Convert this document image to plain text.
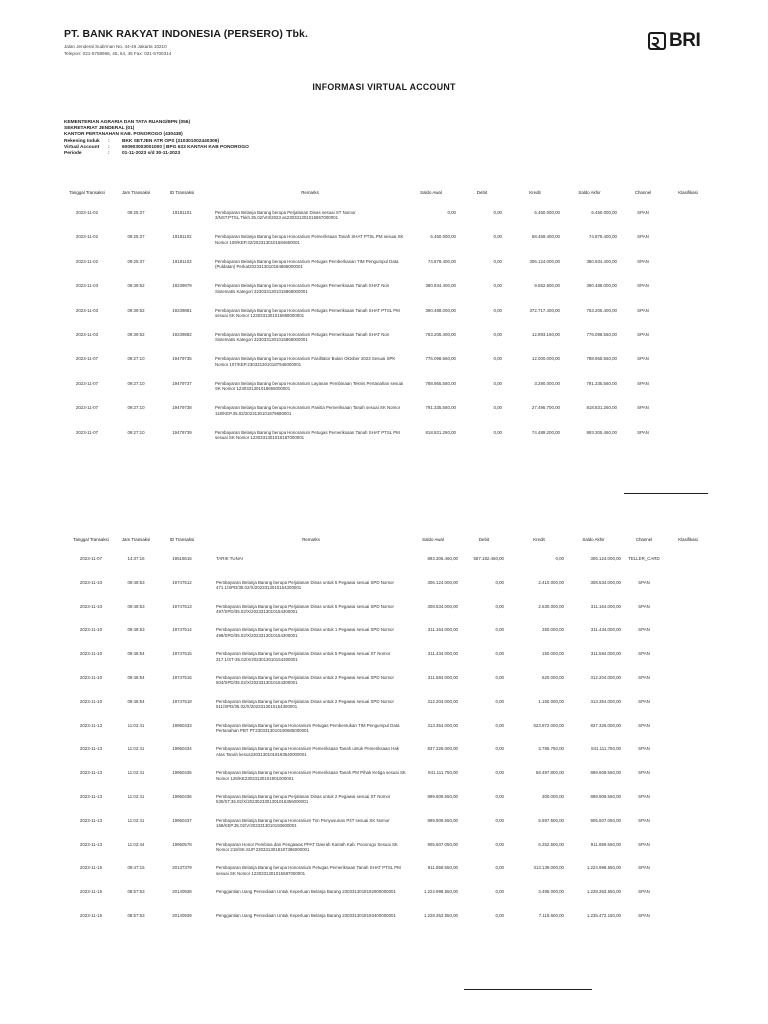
PT. BANK RAKYAT INDONESIA (PERSERO) Tbk.
Jalan Jenderal Sudirman No. 44-46 Jakarta 10210
Telepon: 021-5758966, 45, 64, 45 Fax: 021-5700314
BRI
INFORMASI VIRTUAL ACCOUNT
KEMENTERIAN AGRARIA DAN TATA RUANG/BPN (056)
SEKRETARIAT JENDERAL (01)
KANTOR PERTANAHAN KAB. PONOROGO (430438)
Rekening Induk :	BKK SETJEN ATR OPS (310301002440309)
Virtual Account :	600903003001000 | BPG 633 KANTAH KAB PONOROGO
Periode	:	01-11-2023 s/d 30-11-2023
Tanggal Transaksi	Jam Transaksi	ID Transaksi	Remarks	Saldo Awal	Debit	Kredit	Saldo Akhir	Channel	Klasifikasi
2023-11-02	09:25:37	19181101	Pembayaran Belanja Barang berupa Perjalanan Dinas sesuai ST Nomor 3/NST.PTSL.Tkkh.35.02/VIII/2023 as230331301015867000001
0,00	0,00	6.450.000,00	6.450.000,00	SPAN
2023-11-02	09:25:37	19181102	Pembayaran Belanja Barang berupa Honorarium Pemeriksaan Tanah SHAT PTSL PM sesuai SK Nomor 109/KEP.32/2023130101584660001
6.450.000,00	0,00	68.459.400,00	74.879.400,00	SPAN
2023-11-02	09:25:37	19181103	Pembayaran Belanja Barang berupa Honorarium Petugas Pemberkasan TIM Pengumpul Data (Puldatan) Perkat2023313010184866000001
74.879.400,00	0,00	306.124.000,00	380.934.400,00	SPAN
2023-11-03	09:39:52	19239879	Pembayaran Belanja Barang berupa Honorarium Petugas Pemeriksaan Tanah SHAT Non Sistematis Kategori 3230331301015868000001
380.934.400,00	0,00	9.552.600,00	390.488.000,00	SPAN
2023-11-03	09:39:52	19239881	Pembayaran Belanja Barang berupa Honorarium Petugas Pemeriksaan Tanah SHAT PTSL PM sesuai SK Nomor 1230331301015868000001
390.488.000,00	0,00	372.717.400,00	763.205.400,00	SPAN
2023-11-03	09:39:52	19239882	Pembayaran Belanja Barang berupa Honorarium Petugas Pemeriksaan Tanah SHAT Non Sistematis Kategori 3230331301015868000001
763.205.400,00	0,00	12.893.160,00	776.098.560,00	SPAN
2023-11-07	09:27:10	19479735	Pembayaran Belanja Barang berupa Honorarium Fasilitator Bulan Oktober 2023 Sesuai SPK Nomor 107/KEP.2303313010187946000001
776.098.560,00	0,00	12.000.000,00	788.965.560,00	SPAN
2023-11-07	09:27:10	19479737	Pembayaran Belanja Barang berupa Honorarium Layanan Pembinaan Teknis Pertanahan sesuai SK Nomor 1230331301018655000001
788.965.560,00	0,00	3.290.000,00	791.335.560,00	SPAN
2023-11-07	09:27:10	19479738	Pembayaran Belanja Barang berupa Honorarium Panitia Pemeriksaan Tanah sesuai SK Nomor 118/KEP.35.02/2023130101879680001
791.335.560,00	0,00	27.495.700,00	818.831.260,00	SPAN
2023-11-07	09:27:10	19479739	Pembayaran Belanja Barang berupa Honorarium Petugas Pemeriksaan Tanah SHAT PTSL PM sesuai SK Nomor 1230331301018187000001
818.821.260,00	0,00	74.489.200,00	893.305.460,00	SPAN
Tanggal Transaksi	Jam Transaksi	ID Transaksi	Remarks	Saldo Awal	Debit	Kredit	Saldo Akhir	Channel	Klasifikasi
2023-11-07	14:37:16	19518615	TARIK TUNAI	893.306.460,00	587.182.460,00	0,00	306.124.000,00	TELLER_CARD
2023-11-10	09:48:53	19747512	Pembayaran Belanja Barang berupa Perjalanan Dinas untuk 5 Pegawai sesuai SPD Nomor 471.1/SPD/35.02/X/2023313010154300001
306.124.000,00	0,00	2.410.000,00	308.534.000,00	SPAN
2023-11-10	09:48:53	19747513	Pembayaran Belanja Barang berupa Perjalanan Dinas untuk 5 Pegawai sesuai SPD Nomor 497/SPD/35.02/X/2023313010154300001
308.534.000,00	0,00	2.630.000,00	311.164.000,00	SPAN
2023-11-10	09:48:53	19747514	Pembayaran Belanja Barang berupa Perjalanan Dinas untuk 1 Pegawai sesuai SPD Nomor 498/SPD/35.02/X/2023313010154300001
311.164.000,00	0,00	250.000,00	311.434.000,00	SPAN
2023-11-10	09:48:54	19747515	Pembayaran Belanja Barang berupa Perjalanan Dinas untuk 5 Pegawai sesuai ST Nomor 317.1/ST-35.02/X/2023013010154300001
311.434.000,00	0,00	150.000,00	311.584.000,00	SPAN
2023-11-10	09:48:54	19747516	Pembayaran Belanja Barang berupa Perjalanan Dinas untuk 2 Pegawai sesuai SPD Nomor 504/SPD/35.02/X/2023313010154300001
311.584.000,00	0,00	620.000,00	312.204.000,00	SPAN
2023-11-10	09:48:54	19747518	Pembayaran Belanja Barang berupa Perjalanan Dinas untuk 2 Pegawai sesuai SPD Nomor 511/SPD/35.02/X/2023313010154300001
312.204.000,00	0,00	1.150.000,00	313.354.000,00	SPAN
2023-11-13	11:02:41	19960433	Pembayaran Belanja Barang berupa Honorarium Petugas Pembentukan TIM Pengumpul Data Pertanahan PBT PT2303313010190685000001
313.354.000,00	0,00	523.972.000,00	837.326.000,00	SPAN
2023-11-13	11:02:41	19960434	Pembayaran Belanja Barang berupa Honorarium Pemeriksaan Tanah untuk Pemeriksaan Hak Atas Tanah kesus23031301018193540000001
837.326.000,00	0,00	3.785.750,00	841.111.750,00	SPAN
2023-11-13	11:02:41	19960435	Pembayaran Belanja Barang berupa Honorarium Pemeriksaan Tanah PM Pihak Ketiga sesuai SK Nomor 129/KE23033130101901000001
841.111.750,00	0,00	58.497.800,00	899.609.550,00	SPAN
2023-11-13	11:02:41	19960436	Pembayaran Belanja Barang berupa Perjalanan Dinas untuk 2 Pegawai sesuai ST Nomor 530/ST.35.02/X/2023023301301016356000001
899.609.550,00	0,00	300.000,00	899.909.550,00	SPAN
2023-11-13	11:02:41	19960437	Pembayaran Belanja Barang berupa Honorarium Tim Penyusunan P4T sesuai SK Nomor 168/KEP.35.02/V/2023313010193600001
899.909.550,00	0,00	5.697.500,00	905.607.050,00	SPAN
2023-11-13	11:02:44	19960578	Pembayaran Honor Pembina dan Pengawas PPAT Daerah Kantah Kab. Ponorogo Sesuai SK Nomor 219/SK.SUP.2303313018187386000001
905.607.050,00	0,00	6.252.500,00	911.859.550,00	SPAN
2023-11-15	09:47:15	20137379	Pembayaran Belanja Barang berupa Honorarium Petugas Pemeriksaan Tanah SHAT PTSL PM sesuai SK Nomor 1230331301015687000001
911.859.550,00	0,00	313.139.000,00	1.224.998.550,00	SPAN
2023-11-15	08:57:53	20140938	Penggantian Uang Persediaan Untuk Keperluan Belanja Barang 2303313018192900000001	1.224.998.550,00	0,00	3.495.000,00	1.228.353.550,00	SPAN
2023-11-15	08:57:53	20140939	Penggantian Uang Persediaan Untuk Keperluan Belanja Barang 2303313018193400000001	1.228.353.550,00	0,00	7.118.600,00	1.235.472.150,00	SPAN
